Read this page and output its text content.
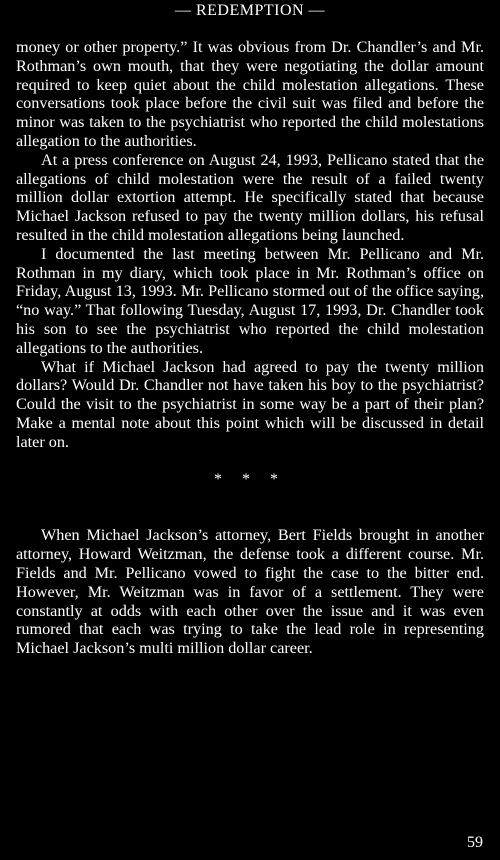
— REDEMPTION —

money or other property.” It was obvious from Dr. Chandler’s and Mr. Rothman’s own mouth, that they were negotiating the dollar amount required to keep quiet about the child molestation allegations. These conversations took place before the civil suit was filed and before the minor was taken to the psychiatrist who reported the child molestations allegation to the authorities.

At a press conference on August 24, 1993, Pellicano stated that the allegations of child molestation were the result of a failed twenty million dollar extortion attempt. He specifically stated that because Michael Jackson refused to pay the twenty million dollars, his refusal resulted in the child molestation allegations being launched.

I documented the last meeting between Mr. Pellicano and Mr. Rothman in my diary, which took place in Mr. Rothman’s office on Friday, August 13, 1993. Mr. Pellicano stormed out of the office saying, “no way.” That following Tuesday, August 17, 1993, Dr. Chandler took his son to see the psychiatrist who reported the child molestation allegations to the authorities.

What if Michael Jackson had agreed to pay the twenty million dollars? Would Dr. Chandler not have taken his boy to the psychiatrist? Could the visit to the psychiatrist in some way be a part of their plan? Make a mental note about this point which will be discussed in detail later on.

* * *

When Michael Jackson’s attorney, Bert Fields brought in another attorney, Howard Weitzman, the defense took a different course. Mr. Fields and Mr. Pellicano vowed to fight the case to the bitter end. However, Mr. Weitzman was in favor of a settlement. They were constantly at odds with each other over the issue and it was even rumored that each was trying to take the lead role in representing Michael Jackson’s multi million dollar career.

59
